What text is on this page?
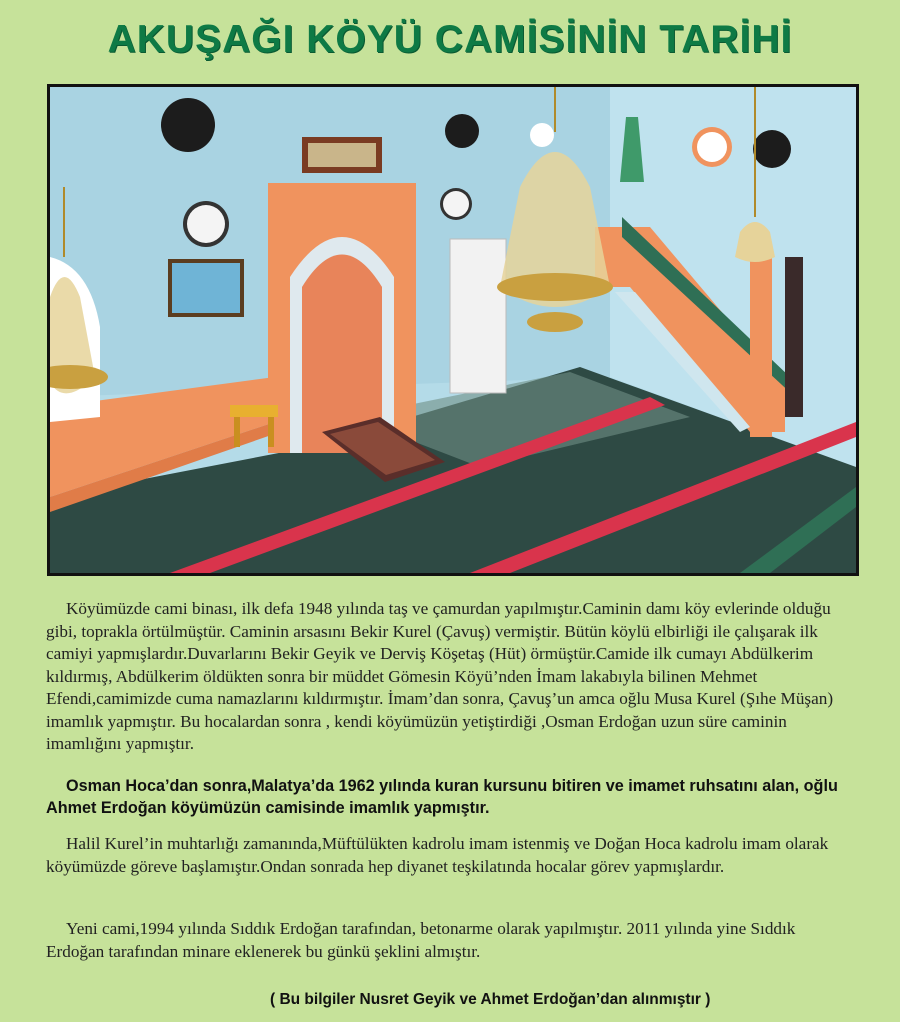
AKUŞAĞI KÖYÜ CAMİSİNİN TARİHİ
Köyümüzde cami binası, ilk defa 1948 yılında taş ve çamurdan yapılmıştır.Caminin damı köy evlerinde olduğu gibi, toprakla örtülmüştür. Caminin arsasını Bekir Kurel (Çavuş) vermiştir. Bütün köylü elbirliği ile çalışarak ilk camiyi yapmışlardır.Duvarlarını Bekir Geyik ve Derviş Köşetaş (Hüt) örmüştür.Camide ilk cumayı Abdülkerim kıldırmış, Abdülkerim öldükten sonra bir müddet Gömesin Köyü’nden İmam lakabıyla bilinen Mehmet Efendi,camimizde cuma namazlarını kıldırmıştır. İmam’dan sonra, Çavuş’un amca oğlu Musa Kurel (Şıhe Müşan) imamlık yapmıştır. Bu hocalardan sonra , kendi köyümüzün yetiştirdiği ,Osman Erdoğan uzun süre caminin imamlığını yapmıştır.
Osman Hoca’dan sonra,Malatya’da 1962 yılında kuran kursunu bitiren ve imamet ruhsatını alan, oğlu Ahmet Erdoğan köyümüzün camisinde imamlık yapmıştır.
Halil Kurel’in muhtarlığı zamanında,Müftülükten kadrolu imam istenmiş ve Doğan Hoca kadrolu imam olarak köyümüzde göreve başlamıştır.Ondan sonrada hep diyanet teşkilatında hocalar görev yapmışlardır.
Yeni cami,1994 yılında Sıddık Erdoğan tarafından, betonarme olarak yapılmıştır. 2011 yılında yine Sıddık Erdoğan tarafından minare eklenerek bu günkü şeklini almıştır.
( Bu bilgiler Nusret Geyik ve Ahmet Erdoğan’dan alınmıştır )
